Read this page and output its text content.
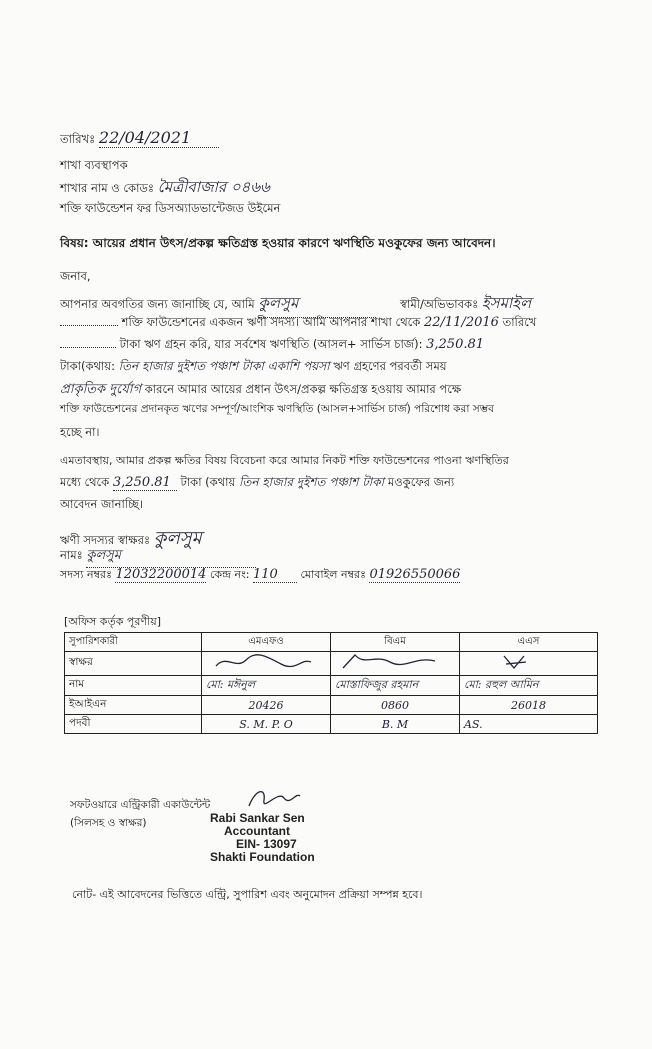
তারিখঃ 22/04/2021
শাখা ব্যবস্থাপক
শাখার নাম ও কোডঃ মৈত্রীবাজার ০৪৬৬
শক্তি ফাউন্ডেশন ফর ডিসঅ্যাডভান্টেজড উইমেন
বিষয়: আয়ের প্রধান উৎস/প্রকল্প ক্ষতিগ্রস্ত হওয়ার কারণে ঋণস্থিতি মওকুফের জন্য আবেদন।
জনাব,
আপনার অবগতির জন্য জানাচ্ছি যে, আমি কুলসুম	স্বামী/অভিভাবকঃ ইসমাইল
শক্তি ফাউন্ডেশনের একজন ঋণী সদস্য। আমি আপনার শাখা থেকে 22/11/2016 তারিখে
টাকা ঋণ গ্রহন করি, যার সর্বশেষ ঋণস্থিতি (আসল+ সার্ভিস চার্জ): 3,250.81
টাকা(কথায়: তিন হাজার দুইশত পঞ্চাশ টাকা একাশি পয়সা ঋণ গ্রহণের পরবর্তী সময়
প্রাকৃতিক দুর্যোগ কারনে আমার আয়ের প্রধান উৎস/প্রকল্প ক্ষতিগ্রস্ত হওয়ায় আমার পক্ষে
শক্তি ফাউন্ডেশনের প্রদানকৃত ঋণের সম্পূর্ণ/আংশিক ঋণস্থিতি (আসল+সার্ভিস চার্জ) পরিশোধ করা সম্ভব
হচ্ছে না।
এমতাবস্থায়, আমার প্রকল্প ক্ষতির বিষয় বিবেচনা করে আমার নিকট শক্তি ফাউন্ডেশনের পাওনা ঋণস্থিতির
মধ্যে থেকে 3,250.81 টাকা (কথায় তিন হাজার দুইশত পঞ্চাশ টাকা মওকুফের জন্য
আবেদন জানাচ্ছি।
ঋণী সদস্যর স্বাক্ষরঃ কুলসুম
নামঃ কুলসুম
সদস্য নম্বরঃ 12032200014 কেন্দ্র নং: 110 মোবাইল নম্বরঃ 01926550066
[অফিস কর্তৃক পূরণীয়]
সুপারিশকারী	এমএফও	বিএম	এএস
স্বাক্ষর			
নাম	মো: মঈনুল	মোস্তাফিজুর রহমান	মো: রহুল আমিন
ইআইএন	20426	0860	26018
পদবী	S. M. P. O	B. M	AS.
সফটওয়ারে এন্ট্রিকারী একাউন্টেন্ট
(সিলসহ ও স্বাক্ষর)	Rabi Sankar Sen
Accountant
EIN- 13097
Shakti Foundation
নোট- এই আবেদনের ভিত্তিতে এন্ট্রি, সুপারিশ এবং অনুমোদন প্রক্রিয়া সম্পন্ন হবে।
